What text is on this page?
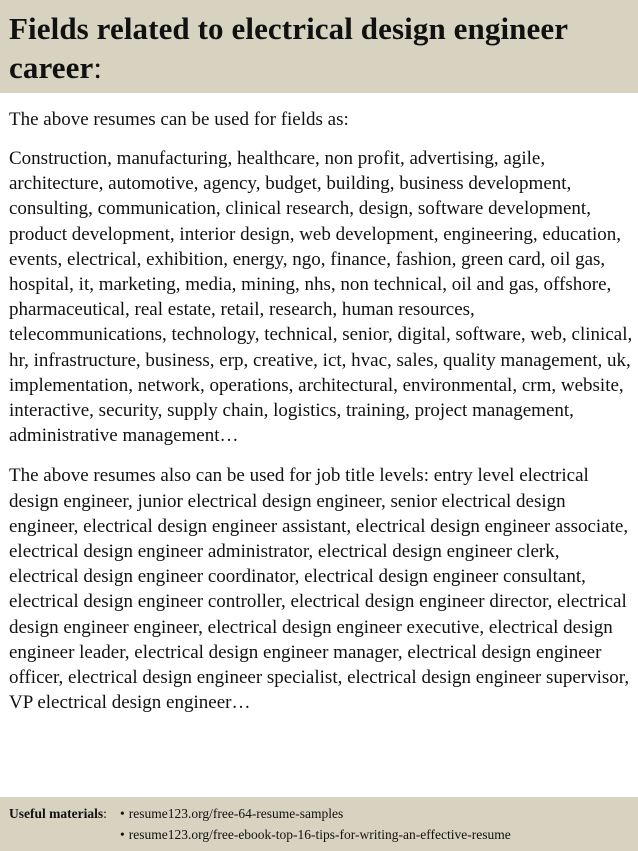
Fields related to electrical design engineer career:

The above resumes can be used for fields as:

Construction, manufacturing, healthcare, non profit, advertising, agile, architecture, automotive, agency, budget, building, business development, consulting, communication, clinical research, design, software development, product development, interior design, web development, engineering, education, events, electrical, exhibition, energy, ngo, finance, fashion, green card, oil gas, hospital, it, marketing, media, mining, nhs, non technical, oil and gas, offshore, pharmaceutical, real estate, retail, research, human resources, telecommunications, technology, technical, senior, digital, software, web, clinical, hr, infrastructure, business, erp, creative, ict, hvac, sales, quality management, uk, implementation, network, operations, architectural, environmental, crm, website, interactive, security, supply chain, logistics, training, project management, administrative management…

The above resumes also can be used for job title levels: entry level electrical design engineer, junior electrical design engineer, senior electrical design engineer, electrical design engineer assistant, electrical design engineer associate, electrical design engineer administrator, electrical design engineer clerk, electrical design engineer coordinator, electrical design engineer consultant, electrical design engineer controller, electrical design engineer director, electrical design engineer engineer, electrical design engineer executive, electrical design engineer leader, electrical design engineer manager, electrical design engineer officer, electrical design engineer specialist, electrical design engineer supervisor, VP electrical design engineer…

Useful materials: • resume123.org/free-64-resume-samples
• resume123.org/free-ebook-top-16-tips-for-writing-an-effective-resume
